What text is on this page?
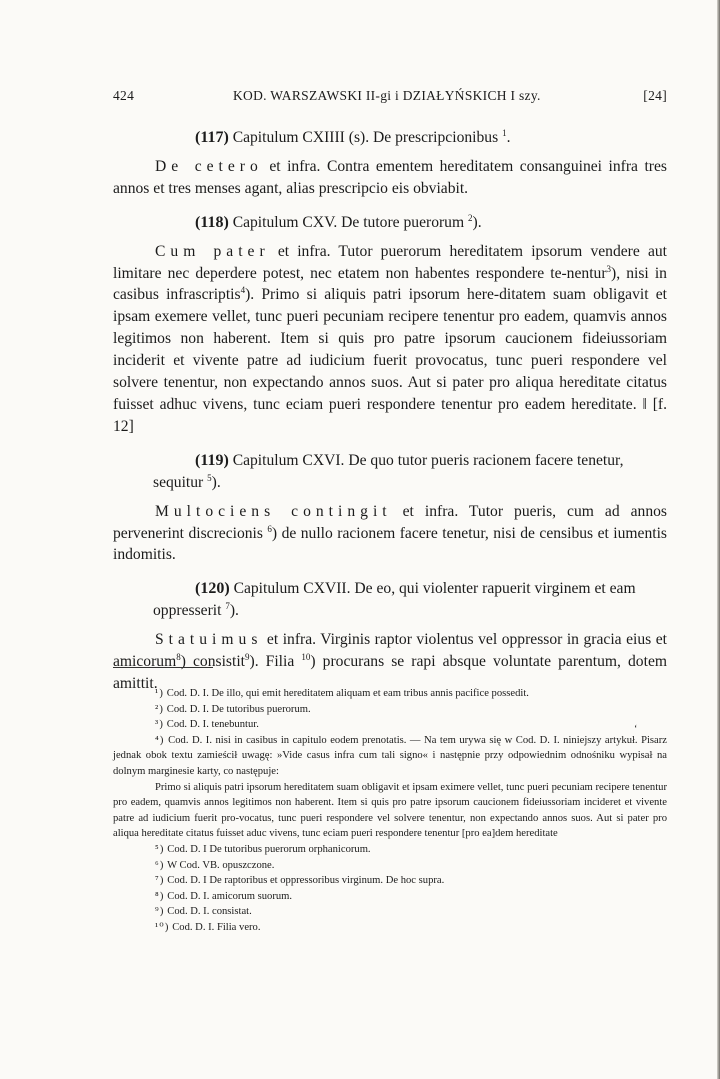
424	KOD. WARSZAWSKI II-gi i DZIAŁYŃSKICH I szy.	[24]

(117) Capitulum CXIIII (s). De prescripcionibus $^1$.

De cetero et infra. Contra ementem hereditatem consanguinei infra tres annos et tres menses agant, alias prescripcio eis obviabit.

(118) Capitulum CXV. De tutore puerorum $^2$).

Cum pater et infra. Tutor puerorum hereditatem ipsorum vendere aut limitare nec deperdere potest, nec etatem non habentes respondere te-nentur$^3$), nisi in casibus infrascriptis$^4$). Primo si aliquis patri ipsorum here-ditatem suam obligavit et ipsam exemere vellet, tunc pueri pecuniam recipere tenentur pro eadem, quamvis annos legitimos non haberent. Item si quis pro patre ipsorum caucionem fideiussoriam inciderit et vivente patre ad iudicium fuerit provocatus, tunc pueri respondere vel solvere tenentur, non expectando annos suos. Aut si pater pro aliqua hereditate citatus fuisset adhuc vivens, tunc eciam pueri respondere tenentur pro eadem hereditate. ‖ [f. 12]

(119) Capitulum CXVI. De quo tutor pueris racionem facere tenetur, sequitur $^5$).

Multociens contingit et infra. Tutor pueris, cum ad annos pervenerint discrecionis $^6$) de nullo racionem facere tenetur, nisi de censibus et iumentis indomitis.

(120) Capitulum CXVII. De eo, qui violenter rapuerit virginem et eam oppresserit $^7$).

Statuimus et infra. Virginis raptor violentus vel oppressor in gracia eius et amicorum$^8$) consistit$^9$). Filia $^{10}$) procurans se rapi absque voluntate parentum, dotem amittit.

‘

¹) Cod. D. I. De illo, qui emit hereditatem aliquam et eam tribus annis pacifice possedit.

²) Cod. D. I. De tutoribus puerorum.

³) Cod. D. I. tenebuntur.

⁴) Cod. D. I. nisi in casibus in capitulo eodem prenotatis. — Na tem urywa się w Cod. D. I. niniejszy artykuł. Pisarz jednak obok textu zamieścił uwagę: »Vide casus infra cum tali signo« i następnie przy odpowiednim odnośniku wypisał na dolnym marginesie karty, co następuje:

Primo si aliquis patri ipsorum hereditatem suam obligavit et ipsam eximere vellet, tunc pueri pecuniam recipere tenentur pro eadem, quamvis annos legitimos non haberent. Item si quis pro patre ipsorum caucionem fideiussoriam incideret et vivente patre ad iudicium fuerit pro-vocatus, tunc pueri respondere vel solvere tenentur, non expectando annos suos. Aut si pater pro aliqua hereditate citatus fuisset aduc vivens, tunc eciam pueri respondere tenentur [pro ea]dem hereditate

⁵) Cod. D. I De tutoribus puerorum orphanicorum.

⁶) W Cod. VB. opuszczone.

⁷) Cod. D. I De raptoribus et oppressoribus virginum. De hoc supra.

⁸) Cod. D. I. amicorum suorum.

⁹) Cod. D. I. consistat.

¹⁰) Cod. D. I. Filia vero.
